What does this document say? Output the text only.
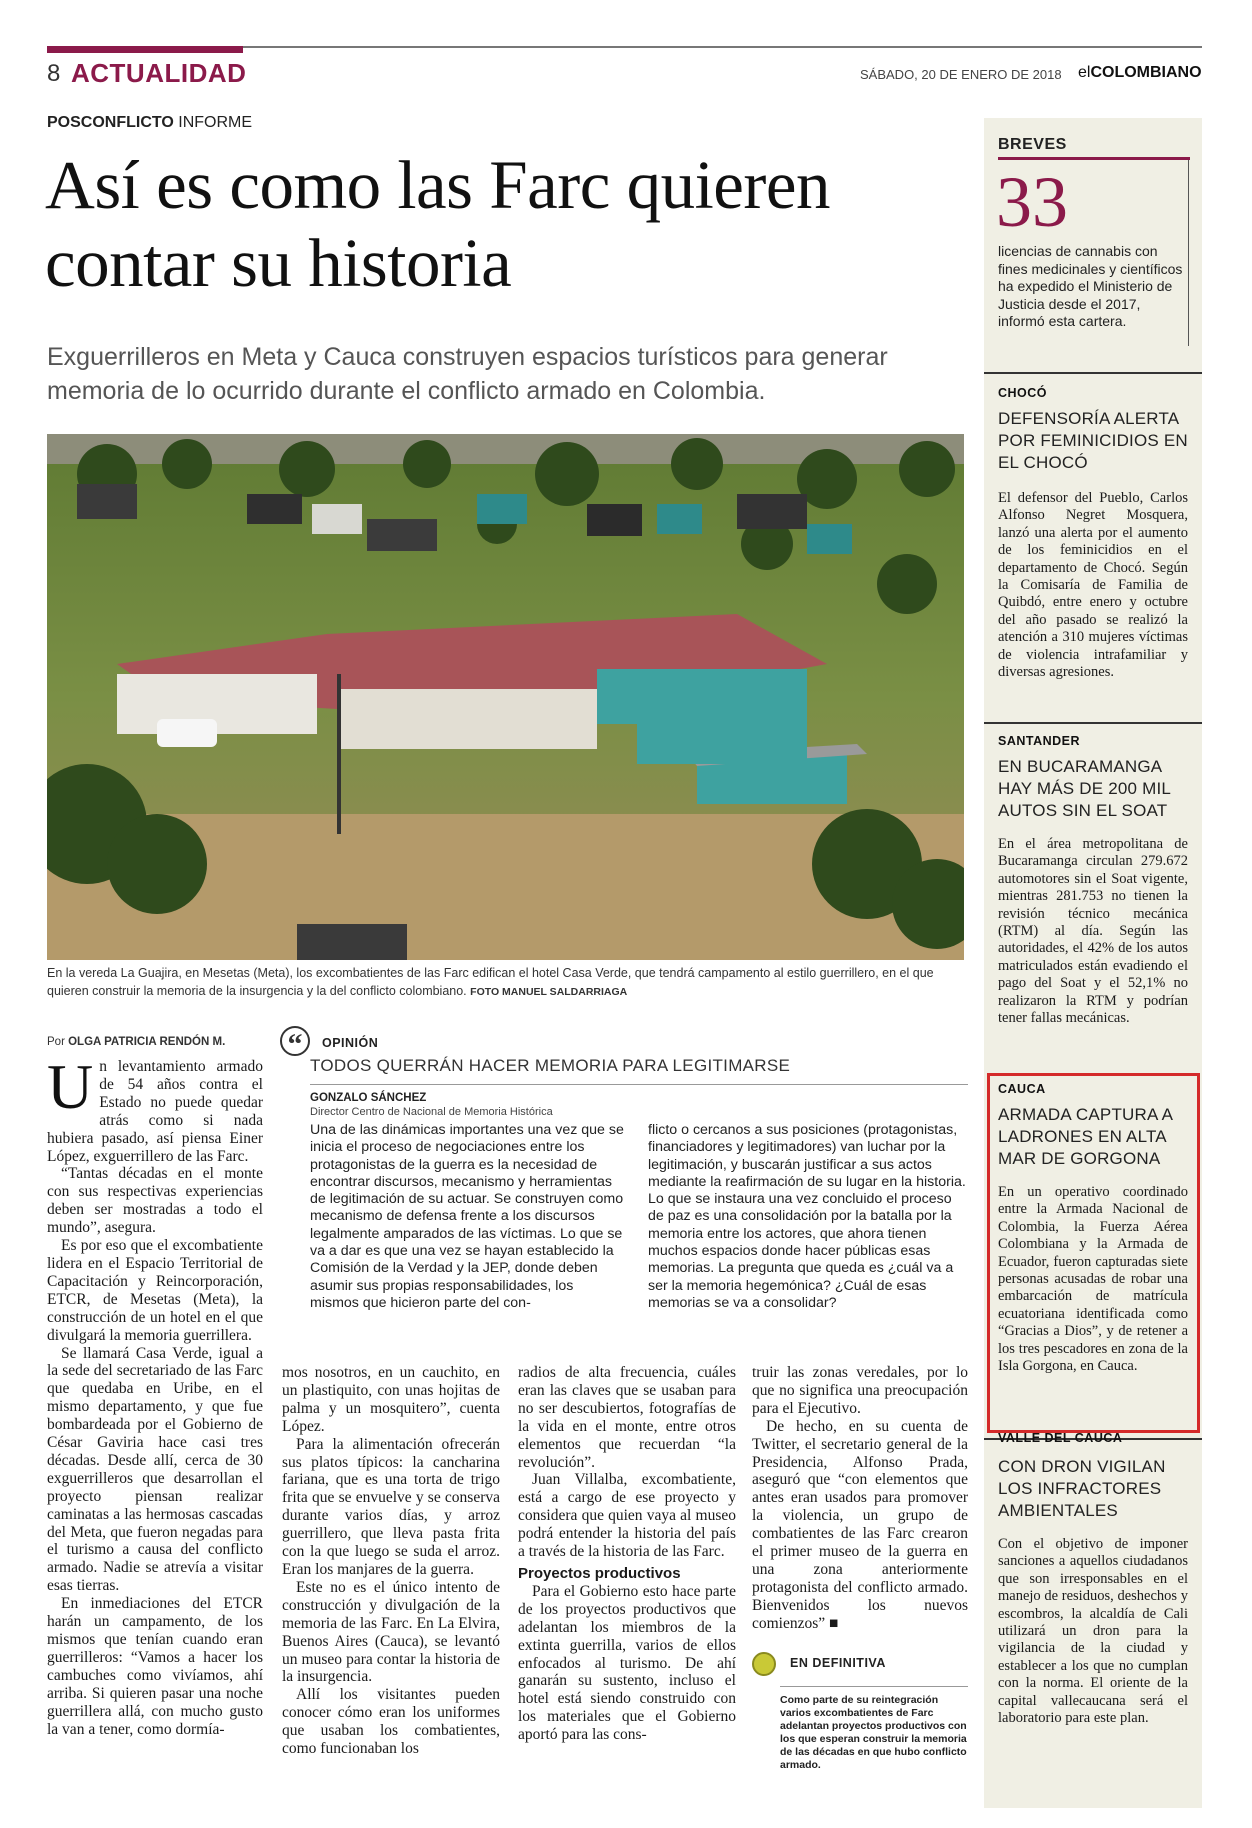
8 ACTUALIDAD	SÁBADO, 20 DE ENERO DE 2018 elCOLOMBIANO
POSCONFLICTO INFORME
Así es como las Farc quieren contar su historia
Exguerrilleros en Meta y Cauca construyen espacios turísticos para generar memoria de lo ocurrido durante el conflicto armado en Colombia.
En la vereda La Guajira, en Mesetas (Meta), los excombatientes de las Farc edifican el hotel Casa Verde, que tendrá campamento al estilo guerrillero, en el que quieren construir la memoria de la insurgencia y la del conflicto colombiano. FOTO MANUEL SALDARRIAGA
Por OLGA PATRICIA RENDÓN M. “	OPINIÓN
TODOS QUERRÁN HACER MEMORIA PARA LEGITIMARSE
GONZALO SÁNCHEZ
Director Centro de Nacional de Memoria Histórica
Una de las dinámicas importantes una vez que se inicia el proceso de negociaciones entre los protagonistas de la guerra es la necesidad de encontrar discursos, mecanismo y herramientas de legitimación de su actuar. Se construyen como mecanismo de defensa frente a los discursos legalmente amparados de las víctimas. Lo que se va a dar es que una vez se hayan establecido la Comisión de la Verdad y la JEP, donde deben asumir sus propias responsabilidades, los mismos que hicieron parte del con-
flicto o cercanos a sus posiciones (protagonistas, financiadores y legitimadores) van luchar por la legitimación, y buscarán justificar a sus actos mediante la reafirmación de su lugar en la historia. Lo que se instaura una vez concluido el proceso de paz es una consolidación por la batalla por la memoria entre los actores, que ahora tienen muchos espacios donde hacer públicas esas memorias. La pregunta que queda es ¿cuál va a ser la memoria hegemónica? ¿Cuál de esas memorias se va a consolidar?

Un levantamiento armado de 54 años contra el Estado no puede quedar atrás como si nada hubiera pasado, así piensa Einer López, exguerrillero de las Farc.

“Tantas décadas en el monte con sus respectivas experiencias deben ser mostradas a todo el mundo”, asegura.

Es por eso que el excombatiente lidera en el Espacio Territorial de Capacitación y Reincorporación, ETCR, de Mesetas (Meta), la construcción de un hotel en el que divulgará la memoria guerrillera.

Se llamará Casa Verde, igual a la sede del secretariado de las Farc que quedaba en Uribe, en el mismo departamento, y que fue bombardeada por el Gobierno de César Gaviria hace casi tres décadas. Desde allí, cerca de 30 exguerrilleros que desarrollan el proyecto piensan realizar caminatas a las hermosas cascadas del Meta, que fueron negadas para el turismo a causa del conflicto armado. Nadie se atrevía a visitar esas tierras.

En inmediaciones del ETCR harán un campamento, de los mismos que tenían cuando eran guerrilleros: “Vamos a hacer los cambuches como vivíamos, ahí arriba. Si quieren pasar una noche guerrillera allá, con mucho gusto la van a tener, como dormía-

mos nosotros, en un cauchito, en un plastiquito, con unas hojitas de palma y un mosquitero”, cuenta López.

Para la alimentación ofrecerán sus platos típicos: la cancharina fariana, que es una torta de trigo frita que se envuelve y se conserva durante varios días, y arroz guerrillero, que lleva pasta frita con la que luego se suda el arroz. Eran los manjares de la guerra.

Este no es el único intento de construcción y divulgación de la memoria de las Farc. En La Elvira, Buenos Aires (Cauca), se levantó un museo para contar la historia de la insurgencia.

Allí los visitantes pueden conocer cómo eran los uniformes que usaban los combatientes, como funcionaban los

radios de alta frecuencia, cuáles eran las claves que se usaban para no ser descubiertos, fotografías de la vida en el monte, entre otros elementos que recuerdan “la revolución”.

Juan Villalba, excombatiente, está a cargo de ese proyecto y considera que quien vaya al museo podrá entender la historia del país a través de la historia de las Farc.

Proyectos productivos

Para el Gobierno esto hace parte de los proyectos productivos que adelantan los miembros de la extinta guerrilla, varios de ellos enfocados al turismo. De ahí ganarán su sustento, incluso el hotel está siendo construido con los materiales que el Gobierno aportó para las cons-

truir las zonas veredales, por lo que no significa una preocupación para el Ejecutivo.

De hecho, en su cuenta de Twitter, el secretario general de la Presidencia, Alfonso Prada, aseguró que “con elementos que antes eran usados para promover la violencia, un grupo de combatientes de las Farc crearon el primer museo de la guerra en una zona anteriormente protagonista del conflicto armado. Bienvenidos los nuevos comienzos” ■

EN DEFINITIVA
Como parte de su reintegración varios excombatientes de Farc adelantan proyectos productivos con los que esperan construir la memoria de las décadas en que hubo conflicto armado.
BREVES
33
licencias de cannabis con fines medicinales y científicos ha expedido el Ministerio de Justicia desde el 2017, informó esta cartera.
CHOCÓ
DEFENSORÍA ALERTA POR FEMINICIDIOS EN EL CHOCÓ
El defensor del Pueblo, Carlos Alfonso Negret Mosquera, lanzó una alerta por el aumento de los feminicidios en el departamento de Chocó. Según la Comisaría de Familia de Quibdó, entre enero y octubre del año pasado se realizó la atención a 310 mujeres víctimas de violencia intrafamiliar y diversas agresiones.
SANTANDER
EN BUCARAMANGA HAY MÁS DE 200 MIL AUTOS SIN EL SOAT
En el área metropolitana de Bucaramanga circulan 279.672 automotores sin el Soat vigente, mientras 281.753 no tienen la revisión técnico mecánica (RTM) al día. Según las autoridades, el 42% de los autos matriculados están evadiendo el pago del Soat y el 52,1% no realizaron la RTM y podrían tener fallas mecánicas.
CAUCA
ARMADA CAPTURA A LADRONES EN ALTA MAR DE GORGONA
En un operativo coordinado entre la Armada Nacional de Colombia, la Fuerza Aérea Colombiana y la Armada de Ecuador, fueron capturadas siete personas acusadas de robar una embarcación de matrícula ecuatoriana identificada como “Gracias a Dios”, y de retener a los tres pescadores en zona de la Isla Gorgona, en Cauca.
VALLE DEL CAUCA
CON DRON VIGILAN LOS INFRACTORES AMBIENTALES
Con el objetivo de imponer sanciones a aquellos ciudadanos que son irresponsables en el manejo de residuos, deshechos y escombros, la alcaldía de Cali utilizará un dron para la vigilancia de la ciudad y establecer a los que no cumplan con la norma. El oriente de la capital vallecaucana será el laboratorio para este plan.
